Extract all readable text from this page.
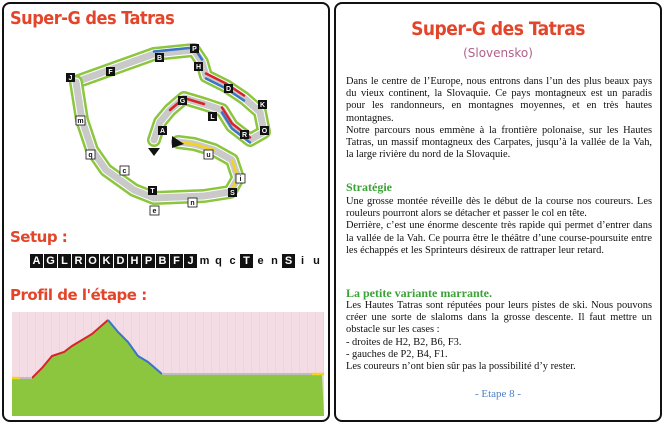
Super-G des Tatras
J
F
B
P
H
D
K
O
R
L
G
A
m
q
c
T
e
n
S
i
u
Setup :
A G L R O K D H P B F J m q c T e n S i u
Profil de l'étape :
Super-G des Tatras
(Slovensko)

Dans le centre de l’Europe, nous entrons dans l’un des plus beaux pays du vieux continent, la Slovaquie. Ce pays montagneux est un paradis pour les randonneurs, en montagnes moyennes, et en très hautes montagnes.

Notre parcours nous emmène à la frontière polonaise, sur les Hautes Tatras, un massif montagneux des Carpates, jusqu’à la vallée de la Vah, la large rivière du nord de la Slovaquie.

Stratégie

Une grosse montée réveille dès le début de la course nos coureurs. Les rouleurs pourront alors se détacher et passer le col en tête.

Derrière, c’est une énorme descente très rapide qui permet d’entrer dans la vallée de la Vah. Ce pourra être le théâtre d’une course-poursuite entre les échappés et les Sprinteurs désireux de rattraper leur retard.

La petite variante marrante.

Les Hautes Tatras sont réputées pour leurs pistes de ski. Nous pouvons créer une sorte de slaloms dans la grosse descente. Il faut mettre un obstacle sur les cases :

- droites de H2, B2, B6, F3.

- gauches de P2, B4, F1.

Les coureurs n’ont bien sûr pas la possibilité d’y rester.

- Etape 8 -
